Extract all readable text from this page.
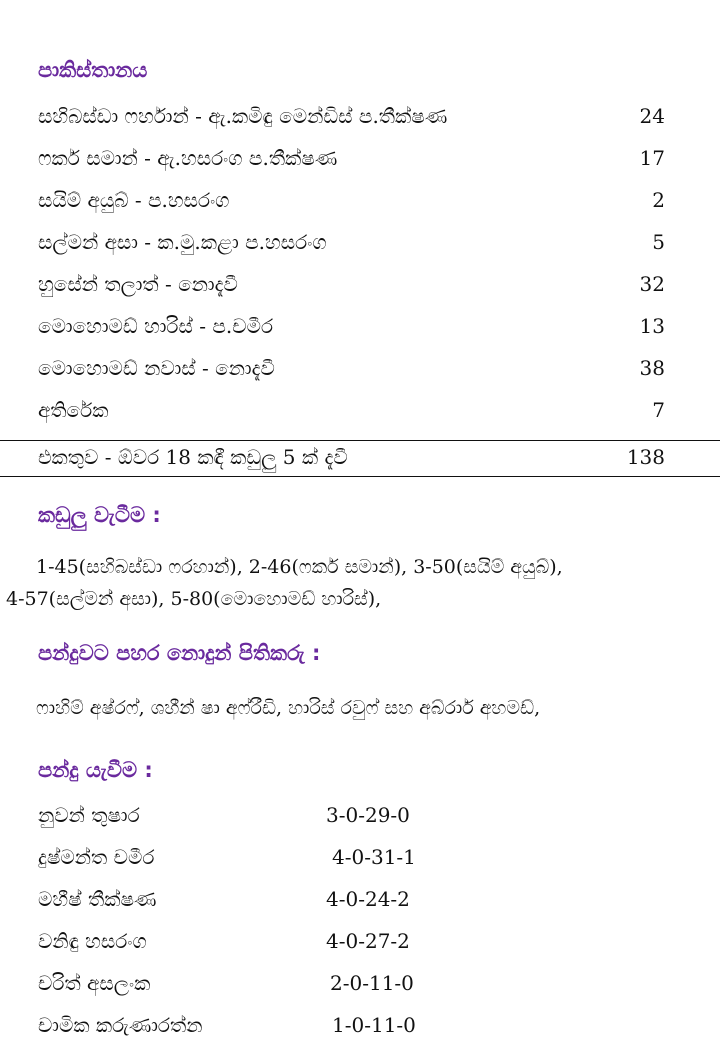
පාකිස්තානය
සහිබස්ඩා ෆර්හාන් - ඇ.කමිඳු මෙන්ඩිස් ප.තීක්ෂණ	24
ෆකර් සමාන් - ඇ.හසරංග ප.තීක්ෂණ	17
සයිම් අයුබ් - ප.හසරංග	2
සල්මන් අසා - ක.මු.කළා ප.හසරංග	5
හුසේන් තලාත් - නොදැවී	32
මොහොමඩ් හාරිස් - ප.චමීර	13
මොහොමඩ් නවාස් - නොදැවී	38
අතිරේක	7
එකතුව - ඕවර 18 කඳී කඩුලු 5 ක් දැවී	138
කඩුලු වැටීම :
1-45(සහිබස්ඩා ෆරහාන්), 2-46(ෆකර් සමාන්), 3-50(සයිම් අයුබ්),
4-57(සල්මන් අසා), 5-80(මොහොමඩ් හාරිස්),
පන්දුවට පහර නොදුන් පිතිකරු :
ෆාහිම් අෂ්රෆ්, ශහීන් ෂා අෆ්රීඩි, හාරිස් රවුෆ් සහ අබ්රාර් අහමඩ්,
පන්දු යැවීම :
නුවන් තුෂාර	3-0-29-0
දුෂ්මන්ත චමීර	4-0-31-1
මහීෂ් තීක්ෂණ	4-0-24-2
වනිඳු හසරංග	4-0-27-2
චරිත් අසලංක	2-0-11-0
චාමික කරුණාරත්න	1-0-11-0
